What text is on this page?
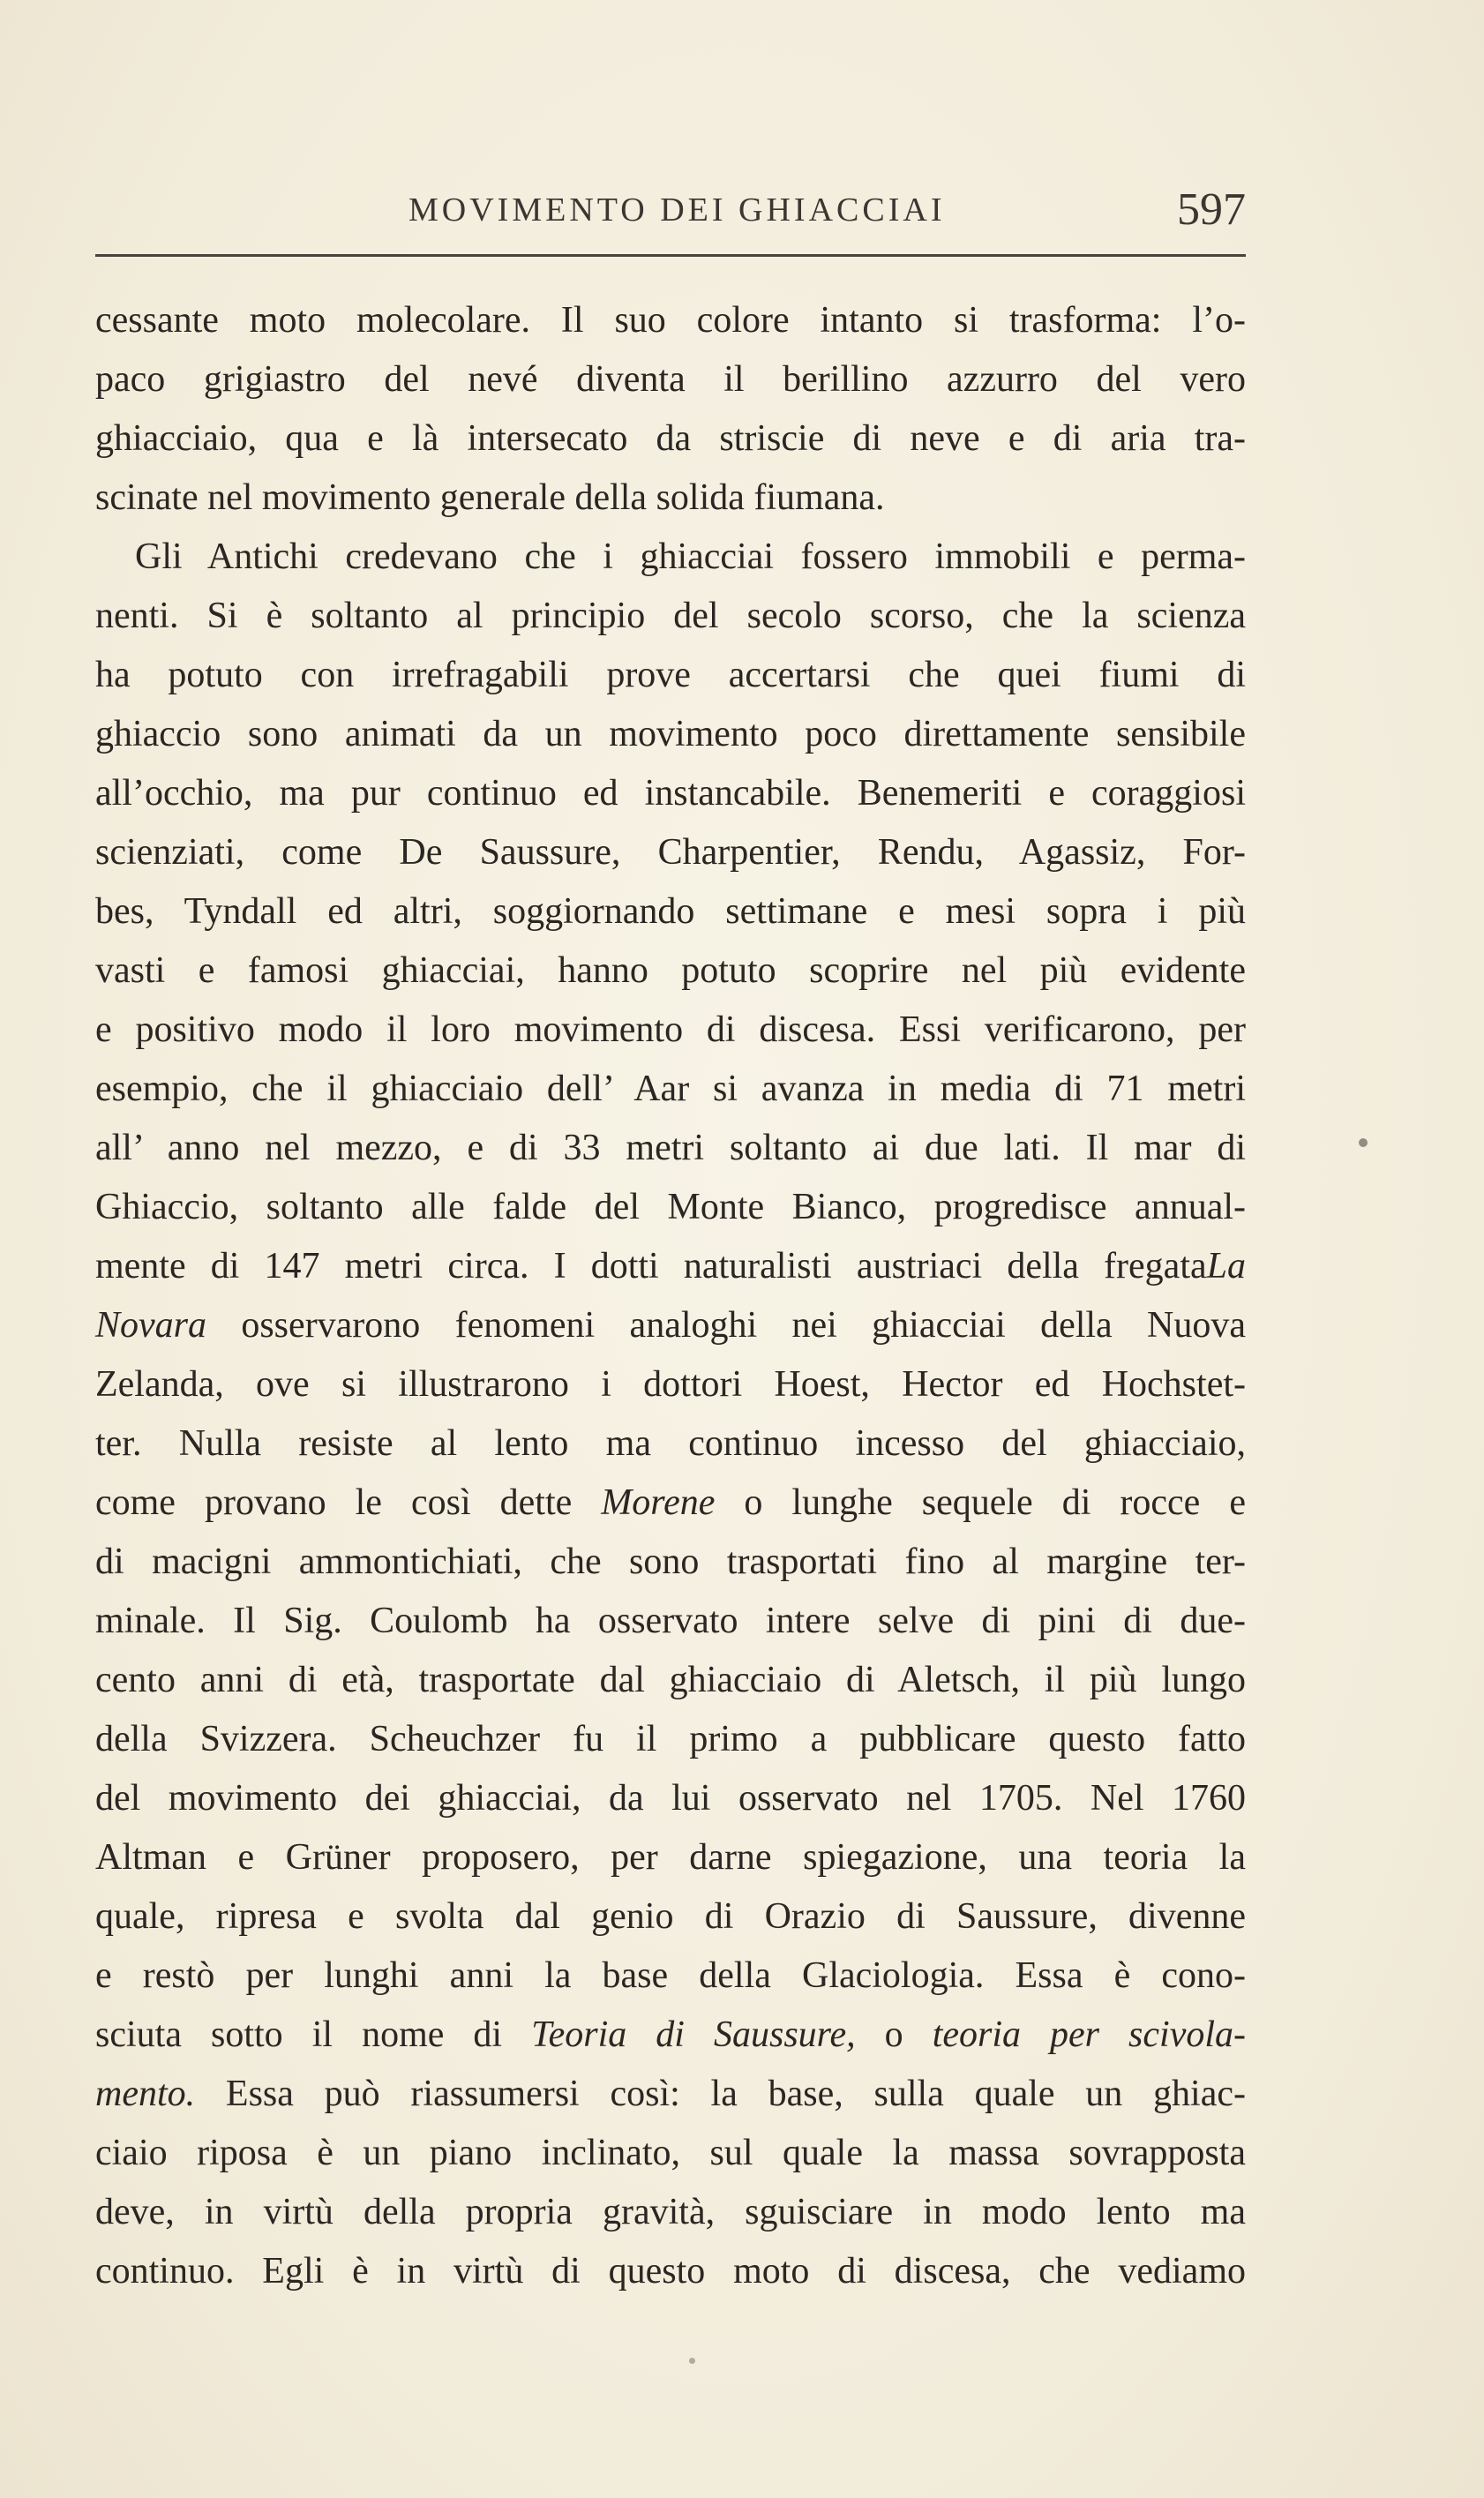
MOVIMENTO DEI GHIACCIAI	597
cessante moto molecolare. Il suo colore intanto si trasforma: l’o-
paco grigiastro del nevé diventa il berillino azzurro del vero
ghiacciaio, qua e là intersecato da striscie di neve e di aria tra-
scinate nel movimento generale della solida fiumana.
Gli Antichi credevano che i ghiacciai fossero immobili e perma-
nenti. Si è soltanto al principio del secolo scorso, che la scienza
ha potuto con irrefragabili prove accertarsi che quei fiumi di
ghiaccio sono animati da un movimento poco direttamente sensibile
all’occhio, ma pur continuo ed instancabile. Benemeriti e coraggiosi
scienziati, come De Saussure, Charpentier, Rendu, Agassiz, For-
bes, Tyndall ed altri, soggiornando settimane e mesi sopra i più
vasti e famosi ghiacciai, hanno potuto scoprire nel più evidente
e positivo modo il loro movimento di discesa. Essi verificarono, per
esempio, che il ghiacciaio dell’ Aar si avanza in media di 71 metri
all’ anno nel mezzo, e di 33 metri soltanto ai due lati. Il mar di
Ghiaccio, soltanto alle falde del Monte Bianco, progredisce annual-
mente di 147 metri circa. I dotti naturalisti austriaci della fregataLa
Novara osservarono fenomeni analoghi nei ghiacciai della Nuova
Zelanda, ove si illustrarono i dottori Hoest, Hector ed Hochstet-
ter. Nulla resiste al lento ma continuo incesso del ghiacciaio,
come provano le così dette Morene o lunghe sequele di rocce e
di macigni ammontichiati, che sono trasportati fino al margine ter-
minale. Il Sig. Coulomb ha osservato intere selve di pini di due-
cento anni di età, trasportate dal ghiacciaio di Aletsch, il più lungo
della Svizzera. Scheuchzer fu il primo a pubblicare questo fatto
del movimento dei ghiacciai, da lui osservato nel 1705. Nel 1760
Altman e Grüner proposero, per darne spiegazione, una teoria la
quale, ripresa e svolta dal genio di Orazio di Saussure, divenne
e restò per lunghi anni la base della Glaciologia. Essa è cono-
sciuta sotto il nome di Teoria di Saussure, o teoria per scivola-
mento. Essa può riassumersi così: la base, sulla quale un ghiac-
ciaio riposa è un piano inclinato, sul quale la massa sovrapposta
deve, in virtù della propria gravità, sguisciare in modo lento ma
continuo. Egli è in virtù di questo moto di discesa, che vediamo
